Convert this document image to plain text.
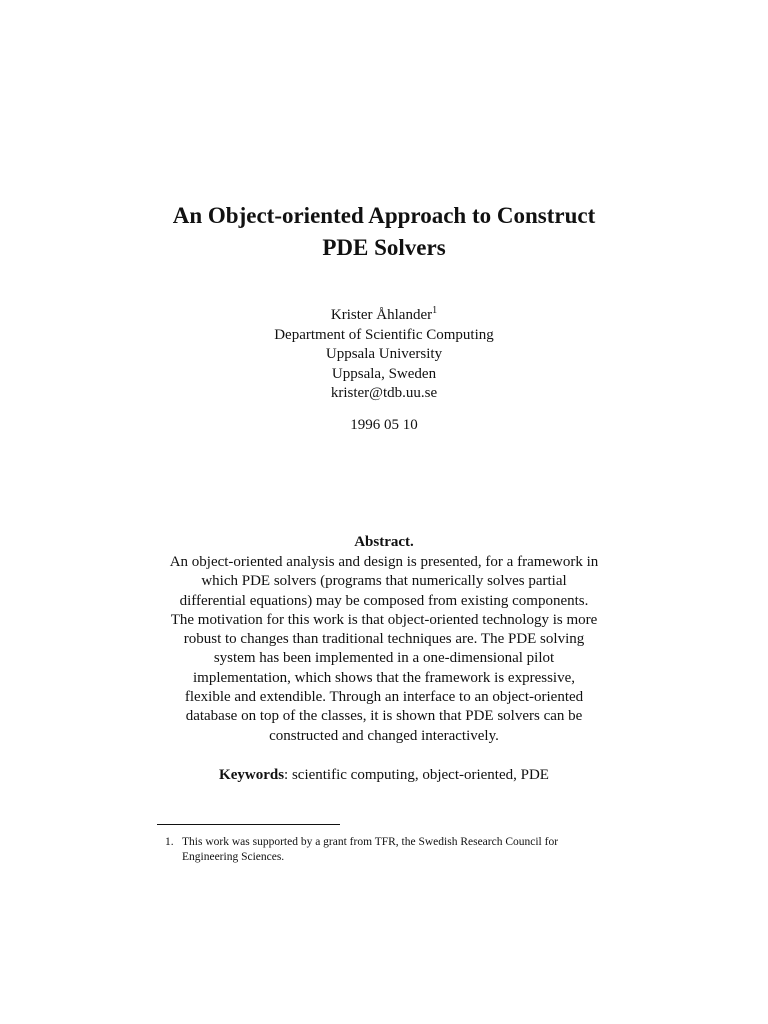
An Object-oriented Approach to Construct
PDE Solvers
Krister Åhlander$^1$
Department of Scientific Computing
Uppsala University
Uppsala, Sweden
krister@tdb.uu.se
1996 05 10
Abstract.
An object-oriented analysis and design is presented, for a framework in
which PDE solvers (programs that numerically solves partial
differential equations) may be composed from existing components.
The motivation for this work is that object-oriented technology is more
robust to changes than traditional techniques are. The PDE solving
system has been implemented in a one-dimensional pilot
implementation, which shows that the framework is expressive,
flexible and extendible. Through an interface to an object-oriented
database on top of the classes, it is shown that PDE solvers can be
constructed and changed interactively.
Keywords: scientific computing, object-oriented, PDE
1. This work was supported by a grant from TFR, the Swedish Research Council for
Engineering Sciences.
